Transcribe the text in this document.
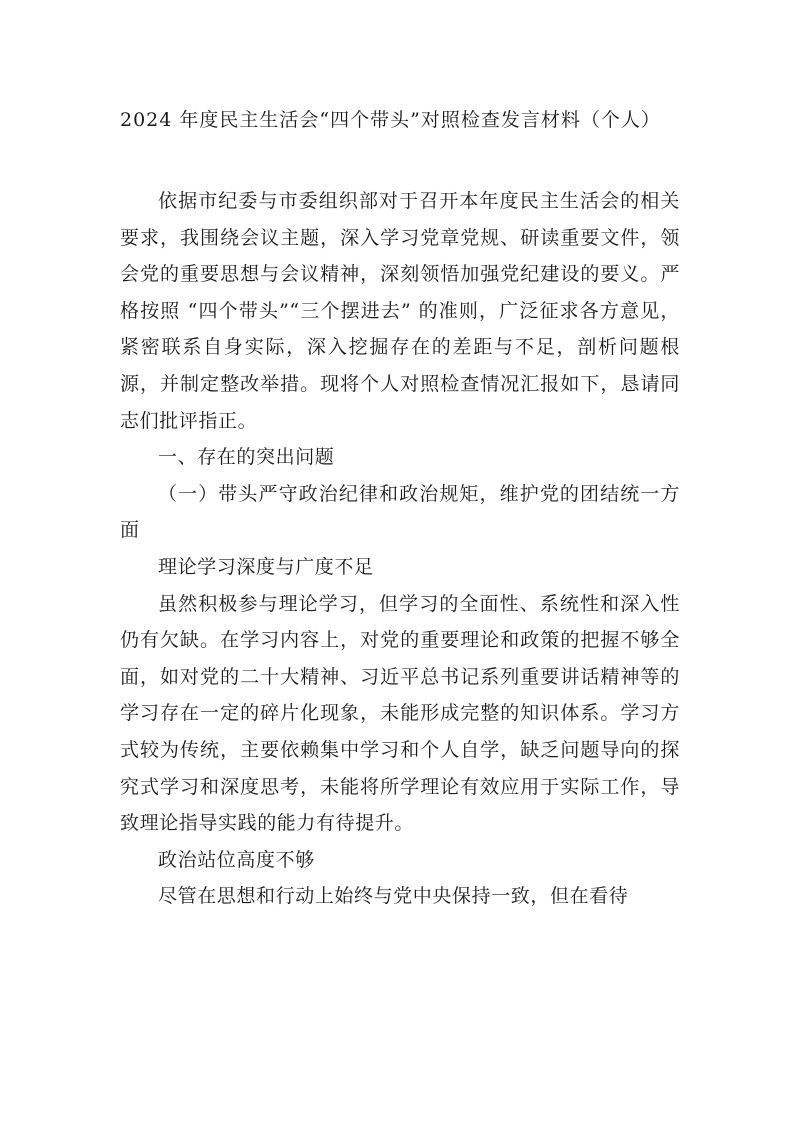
2024 年度民主生活会“四个带头”对照检查发言材料（个人）

依据市纪委与市委组织部对于召开本年度民主生活会的相关要求，我围绕会议主题，深入学习党章党规、研读重要文件，领会党的重要思想与会议精神，深刻领悟加强党纪建设的要义。严格按照 “四个带头”“三个摆进去” 的准则，广泛征求各方意见，紧密联系自身实际，深入挖掘存在的差距与不足，剖析问题根源，并制定整改举措。现将个人对照检查情况汇报如下，恳请同志们批评指正。

一、存在的突出问题

（一）带头严守政治纪律和政治规矩，维护党的团结统一方面

理论学习深度与广度不足

虽然积极参与理论学习，但学习的全面性、系统性和深入性仍有欠缺。在学习内容上，对党的重要理论和政策的把握不够全面，如对党的二十大精神、习近平总书记系列重要讲话精神等的学习存在一定的碎片化现象，未能形成完整的知识体系。学习方式较为传统，主要依赖集中学习和个人自学，缺乏问题导向的探究式学习和深度思考，未能将所学理论有效应用于实际工作，导致理论指导实践的能力有待提升。

政治站位高度不够

尽管在思想和行动上始终与党中央保持一致，但在看待
